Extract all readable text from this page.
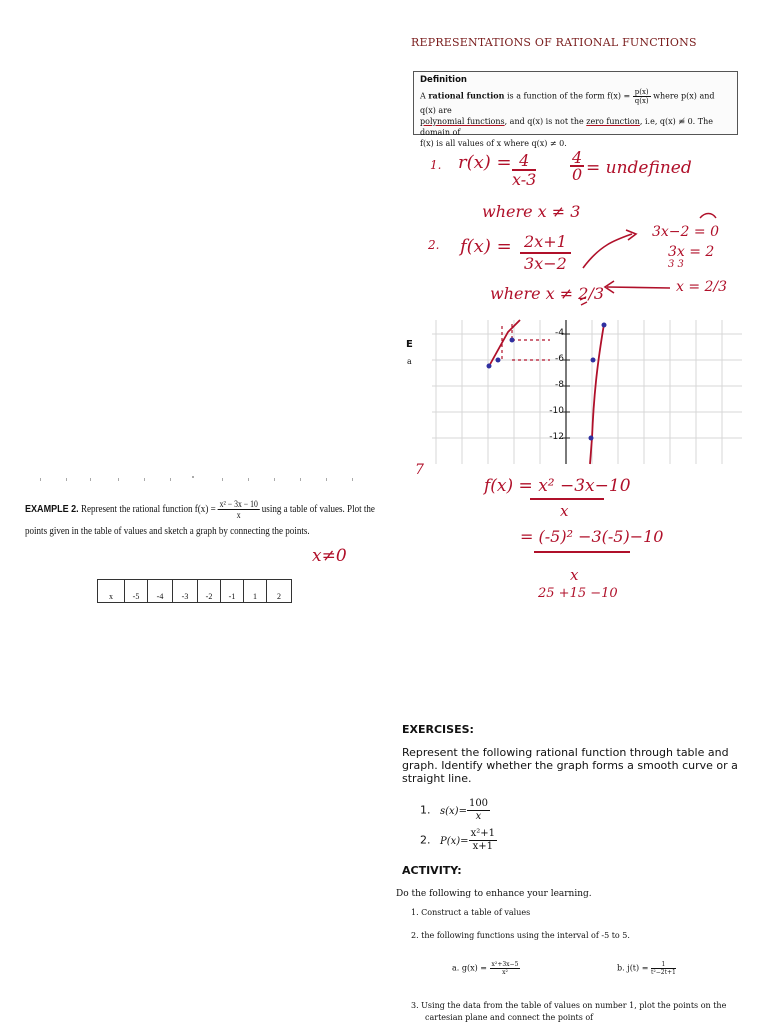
REPRESENTATIONS OF RATIONAL FUNCTIONS
Definition
A rational function is a function of the form $f(x) = \frac{p(x)}{q(x)}$ where p(x) and q(x) are
polynomial functions, and q(x) is not the zero function, i.e, q(x) ≢ 0. The domain of
f(x) is all values of x where q(x) ≠ 0.
1. $r(x) = \frac{4}{x-3} \frac{4}{0}$ = undefined
where x ≠ 3
2. $f(x) = \frac{2x+1}{3x-2}$	3x−2 = 0
3x = 2
3 3
x = 2/3
where x ≠ 2/3
E
a
7
-4
-6
-8
-10
-12
f(x) = x² −3x−10
x
= (-5)² −3(-5)−10
x
25 +15 −10
x≠0
EXAMPLE 2. Represent the rational function $f(x) = \frac{\text{x² − 3x − 10}}{x}$ using a table of values. Plot the
points given in the table of values and sketch a graph by connecting the points.
x	-5	-4	-3	-2	-1	1	2
EXERCISES:
Represent the following rational function through table and graph. Identify whether the graph forms a smooth curve or a straight line.
1. $s(x)= \frac{100}{x}$
2. $P(x)= \frac{\text{x²+1}}{x+1}$
ACTIVITY:
Do the following to enhance your learning.
1. Construct a table of values
2. the following functions using the interval of -5 to 5.
a. $g(x) = \frac{\text{x²+3x−5}}{\text{x²}}$	b. $j(t) = \frac{1}{\text{t²−2t+1}}$
3. Using the data from the table of values on number 1, plot the points on the
cartesian plane and connect the points of
